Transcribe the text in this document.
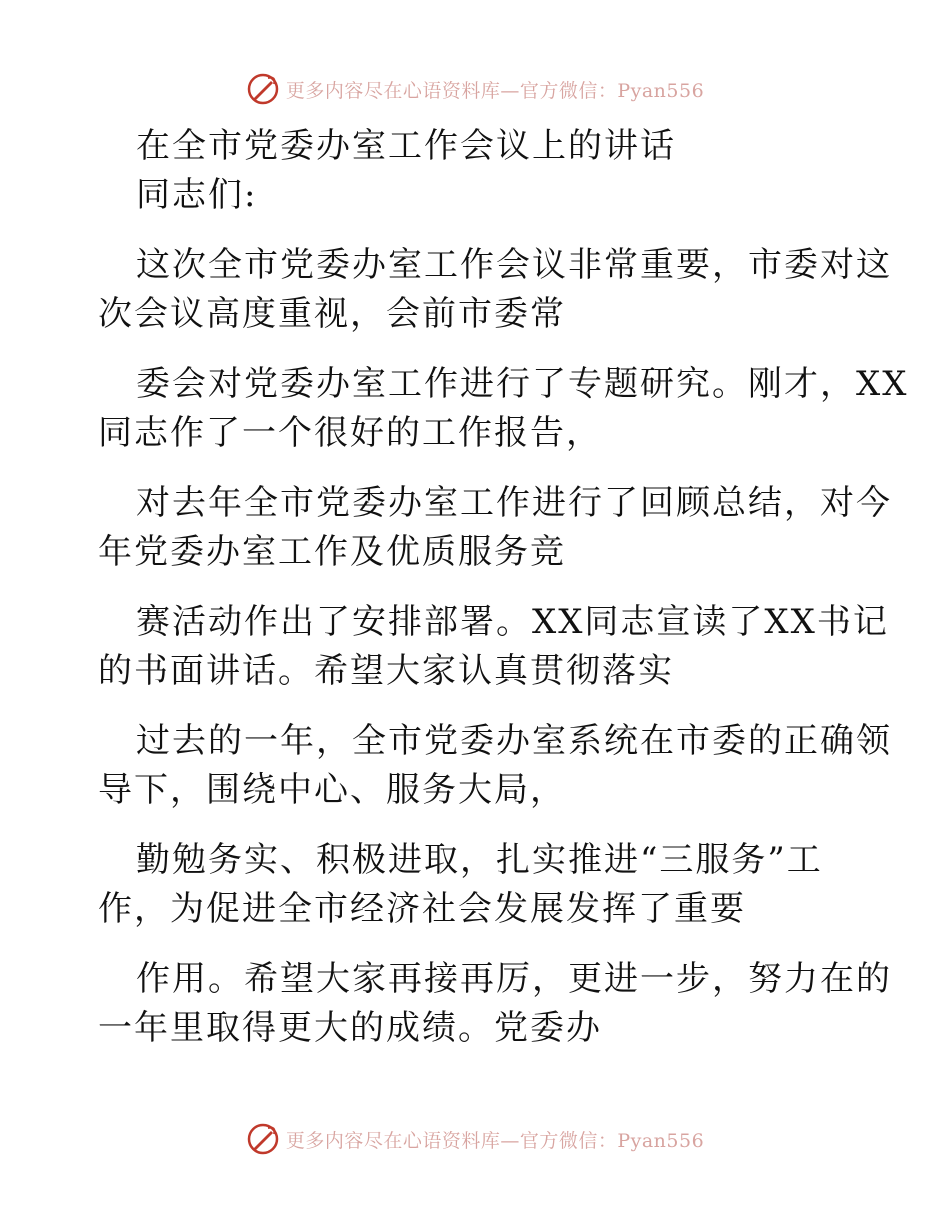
更多内容尽在心语资料库—官方微信：Pyan556

在全市党委办室工作会议上的讲话

同志们:

这次全市党委办室工作会议非常重要，市委对这

次会议高度重视，会前市委常

委会对党委办室工作进行了专题研究。刚才，XX

同志作了一个很好的工作报告，

对去年全市党委办室工作进行了回顾总结，对今

年党委办室工作及优质服务竞

赛活动作出了安排部署。XX同志宣读了XX书记

的书面讲话。希望大家认真贯彻落实

过去的一年，全市党委办室系统在市委的正确领

导下，围绕中心、服务大局，

勤勉务实、积极进取，扎实推进“三服务”工

作，为促进全市经济社会发展发挥了重要

作用。希望大家再接再厉，更进一步，努力在的

一年里取得更大的成绩。党委办

更多内容尽在心语资料库—官方微信：Pyan556
